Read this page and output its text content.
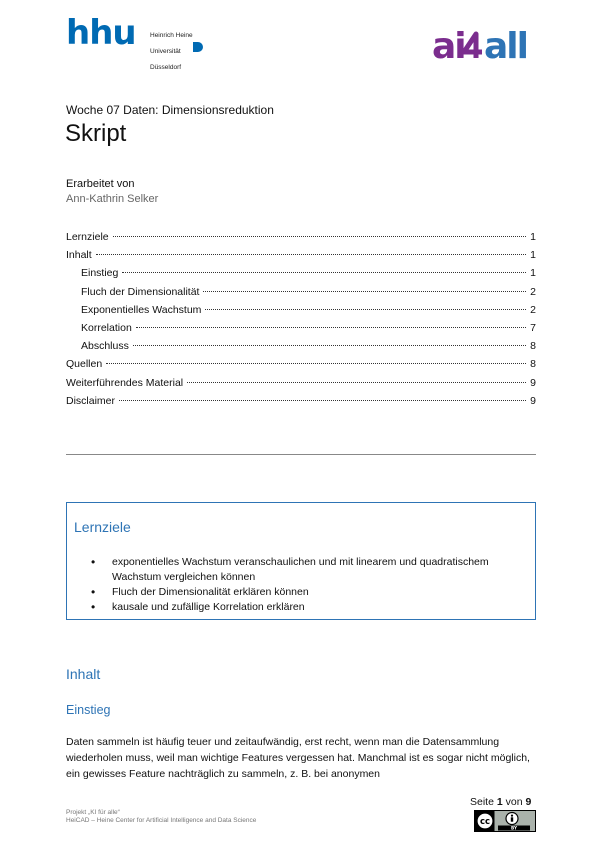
hhu Heinrich Heine

Universität

Düsseldorf

ai all
Woche 07 Daten: Dimensionsreduktion
Skript
Erarbeitet von
Ann-Kathrin Selker
Lernziele	1
Inhalt	1
Einstieg	1
Fluch der Dimensionalität	2
Exponentielles Wachstum	2
Korrelation	7
Abschluss	8
Quellen	8
Weiterführendes Material	9
Disclaimer	9
Lernziele
• exponentielles Wachstum veranschaulichen und mit linearem und quadratischem Wachstum vergleichen können
• Fluch der Dimensionalität erklären können
• kausale und zufällige Korrelation erklären
Inhalt
Einstieg
Daten sammeln ist häufig teuer und zeitaufwändig, erst recht, wenn man die Datensammlung wiederholen muss, weil man wichtige Features vergessen hat. Manchmal ist es sogar nicht möglich, ein gewisses Feature nachträglich zu sammeln, z. B. bei anonymen
Projekt „KI für alle“
HeiCAD – Heine Center for Artificial Intelligence and Data Science
Seite 1 von 9
cc
BY
